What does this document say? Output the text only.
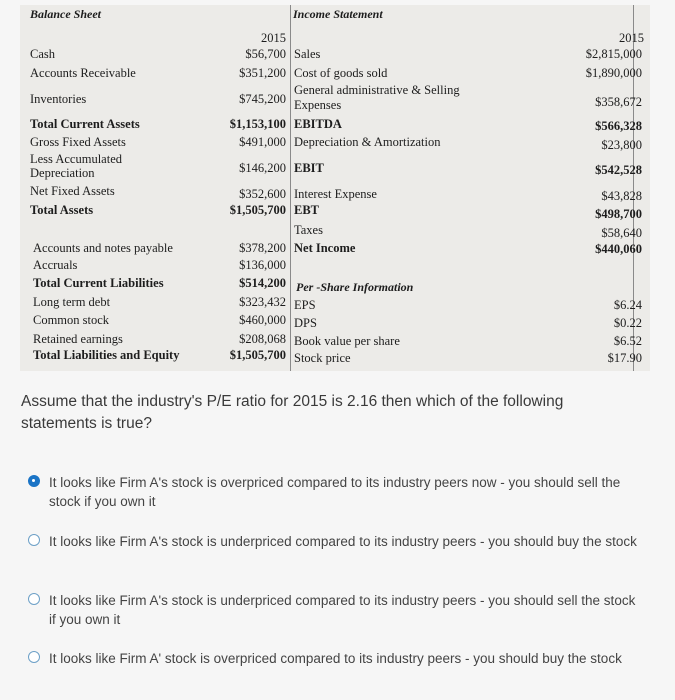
Balance Sheet	Income Statement
2015	2015
Cash
Accounts Receivable
Inventories
Total Current Assets
Gross Fixed Assets
Less Accumulated Depreciation
Net Fixed Assets
Total Assets
Accounts and notes payable
Accruals
Total Current Liabilities
Long term debt
Common stock
Retained earnings
Total Liabilities and Equity
$56,700
$351,200
$745,200
$1,153,100
$491,000
$146,200
$352,600
$1,505,700
$378,200
$136,000
$514,200
$323,432
$460,000
$208,068
$1,505,700
Sales
Cost of goods sold
General administrative & Selling Expenses
EBITDA
Depreciation & Amortization
EBIT
Interest Expense
EBT
Taxes
Net Income
$2,815,000
$1,890,000
$358,672
$566,328
$23,800
$542,528
$43,828
$498,700
$58,640
$440,060
Per -Share Information
EPS
DPS
Book value per share
Stock price
$6.24
$0.22
$6.52
$17.90
Assume that the industry's P/E ratio for 2015 is 2.16 then which of the following statements is true?
It looks like Firm A's stock is overpriced compared to its industry peers now - you should sell the stock if you own it
It looks like Firm A's stock is underpriced compared to its industry peers - you should buy the stock
It looks like Firm A's stock is underpriced compared to its industry peers - you should sell the stock if you own it
It looks like Firm A' stock is overpriced compared to its industry peers - you should buy the stock
